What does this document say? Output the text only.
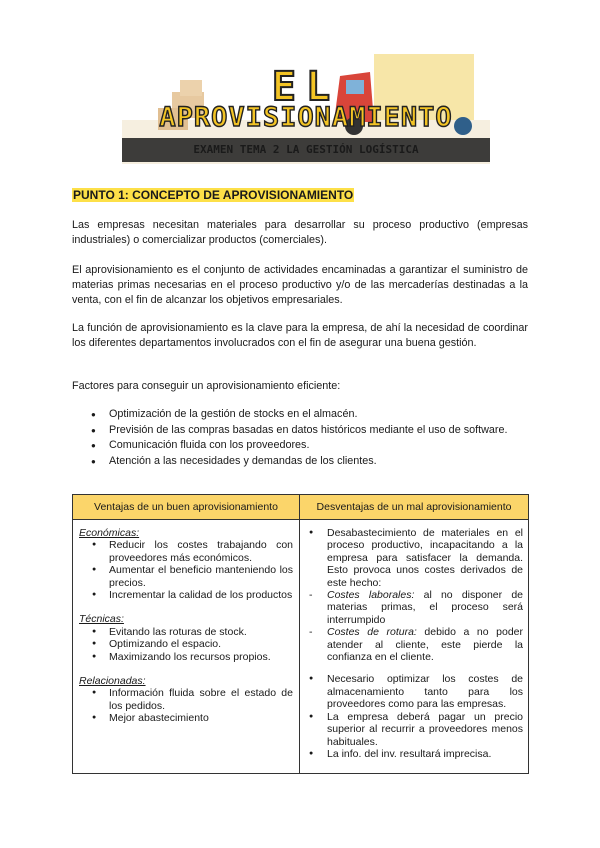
EL
APROVISIONAMIENTO
EXAMEN TEMA 2 LA GESTIÓN LOGÍSTICA
PUNTO 1: CONCEPTO DE APROVISIONAMIENTO
Las empresas necesitan materiales para desarrollar su proceso productivo (empresas industriales) o comercializar productos (comerciales).
El aprovisionamiento es el conjunto de actividades encaminadas a garantizar el suministro de materias primas necesarias en el proceso productivo y/o de las mercaderías destinadas a la venta, con el fin de alcanzar los objetivos empresariales.
La función de aprovisionamiento es la clave para la empresa, de ahí la necesidad de coordinar los diferentes departamentos involucrados con el fin de asegurar una buena gestión.
Factores para conseguir un aprovisionamiento eficiente:
● Optimización de la gestión de stocks en el almacén.
● Previsión de las compras basadas en datos históricos mediante el uso de software.
● Comunicación fluida con los proveedores.
● Atención a las necesidades y demandas de los clientes.
Ventajas de un buen aprovisionamiento	Desventajas de un mal aprovisionamiento
Económicas:
● Reducir los costes trabajando con proveedores más económicos.
● Aumentar el beneficio manteniendo los precios.
● Incrementar la calidad de los productos
Técnicas:
● Evitando las roturas de stock.
● Optimizando el espacio.
● Maximizando los recursos propios.
Relacionadas:
● Información fluida sobre el estado de los pedidos.
● Mejor abastecimiento
● Desabastecimiento de materiales en el proceso productivo, incapacitando a la empresa para satisfacer la demanda. Esto provoca unos costes derivados de este hecho:
- Costes laborales: al no disponer de materias primas, el proceso será interrumpido
- Costes de rotura: debido a no poder atender al cliente, este pierde la confianza en el cliente.
● Necesario optimizar los costes de almacenamiento tanto para los proveedores como para las empresas.
● La empresa deberá pagar un precio superior al recurrir a proveedores menos habituales.
● La info. del inv. resultará imprecisa.
